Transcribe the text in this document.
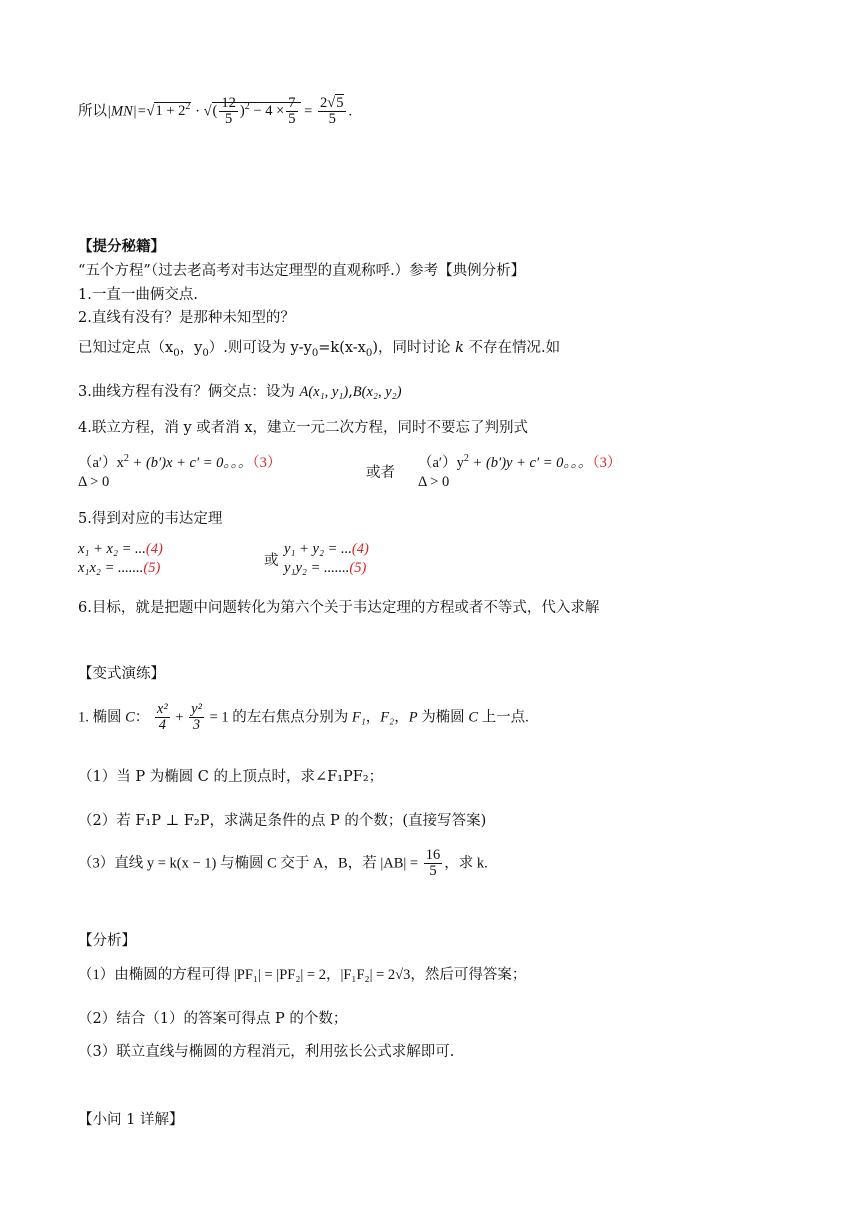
所以$|MN|=√1 + 2^2$ · √( $\frac{12}{5} )^2 - 4 \times \frac{7}{5} = \frac{2√5}{5}$ .
【提分秘籍】
“五个方程”（过去老高考对韦达定理型的直观称呼.）参考【典例分析】
1.一直一曲俩交点.
2.直线有没有？是那种未知型的？
已知过定点（$x_0$，$y_0$）.则可设为 $y-y_0=k(x-x_0)$，同时讨论 k 不存在情况.如
3.曲线方程有没有？俩交点：设为 A(x₁, y₁),B(x₂, y₂)
4.联立方程，消 y 或者消 x，建立一元二次方程，同时不要忘了判别式
$(a')x^2 + (b')x + c' = 0$。。。（3）
Δ > 0
或者
$(a')y^2 + (b')y + c' = 0$。。。（3）
Δ > 0
5.得到对应的韦达定理
x₁ + x₂ = ...(4)
x₁x₂ = .......(5)	或
y₁ + y₂ = ...(4)
y₁y₂ = .......(5)
6.目标，就是把题中问题转化为第六个关于韦达定理的方程或者不等式，代入求解
【变式演练】
1. 椭圆 C： $\frac{\text{x²}}{4} + \frac{\text{y²}}{3} = 1$ 的左右焦点分别为 F₁，F₂，P 为椭圆 C 上一点.
（1）当 P 为椭圆 C 的上顶点时，求∠F₁PF₂；
（2）若 F₁P ⊥ F₂P，求满足条件的点 P 的个数；(直接写答案)
（3）直线 y = k(x − 1) 与椭圆 C 交于 A，B，若 $|AB| = \frac{16}{5}$ ，求 k.
【分析】
（1）由椭圆的方程可得 |PF₁| = |PF₂| = 2，|F₁F₂| = 2√3，然后可得答案；
（2）结合（1）的答案可得点 P 的个数；
（3）联立直线与椭圆的方程消元，利用弦长公式求解即可.
【小问 1 详解】
